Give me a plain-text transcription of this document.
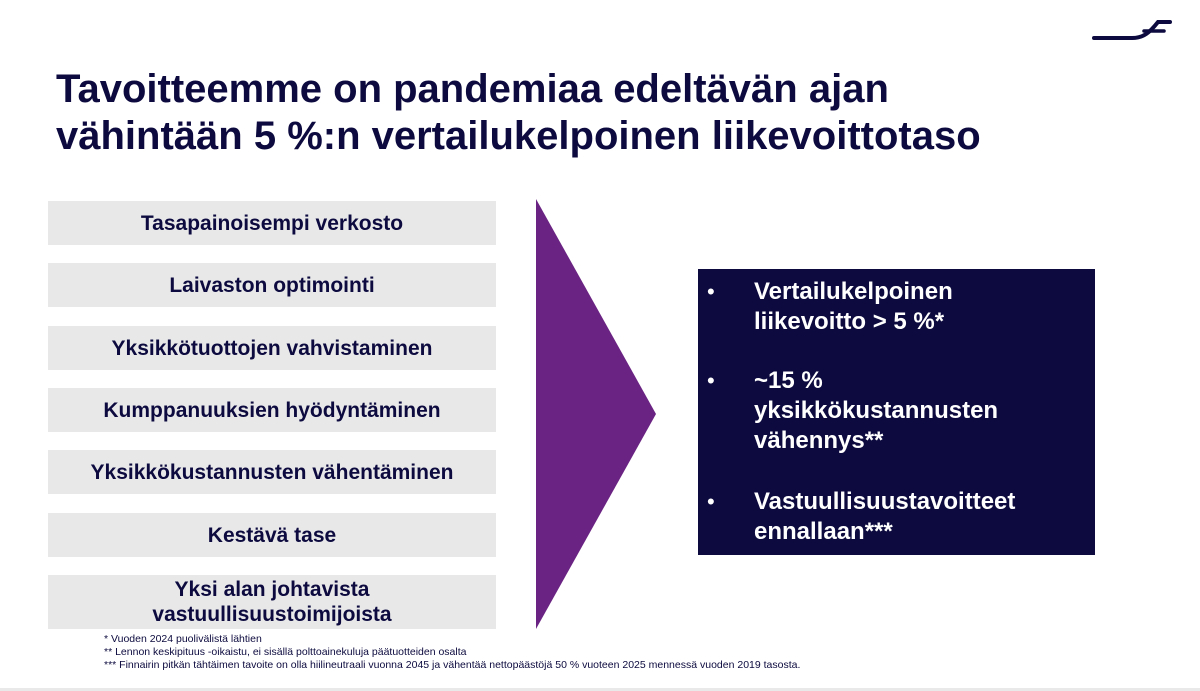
Tavoitteemme on pandemiaa edeltävän ajan
vähintään 5 %:n vertailukelpoinen liikevoittotaso
Tasapainoisempi verkosto
Laivaston optimointi
Yksikkötuottojen vahvistaminen
Kumppanuuksien hyödyntäminen
Yksikkökustannusten vähentäminen
Kestävä tase
Yksi alan johtavista
vastuullisuustoimijoista
• Vertailukelpoinen
liikevoitto > 5 %*
• ~15 %
yksikkökustannusten
vähennys**
• Vastuullisuustavoitteet
ennallaan***
* Vuoden 2024 puolivälistä lähtien
** Lennon keskipituus -oikaistu, ei sisällä polttoainekuluja päätuotteiden osalta
*** Finnairin pitkän tähtäimen tavoite on olla hiilineutraali vuonna 2045 ja vähentää nettopäästöjä 50 % vuoteen 2025 mennessä vuoden 2019 tasosta.
